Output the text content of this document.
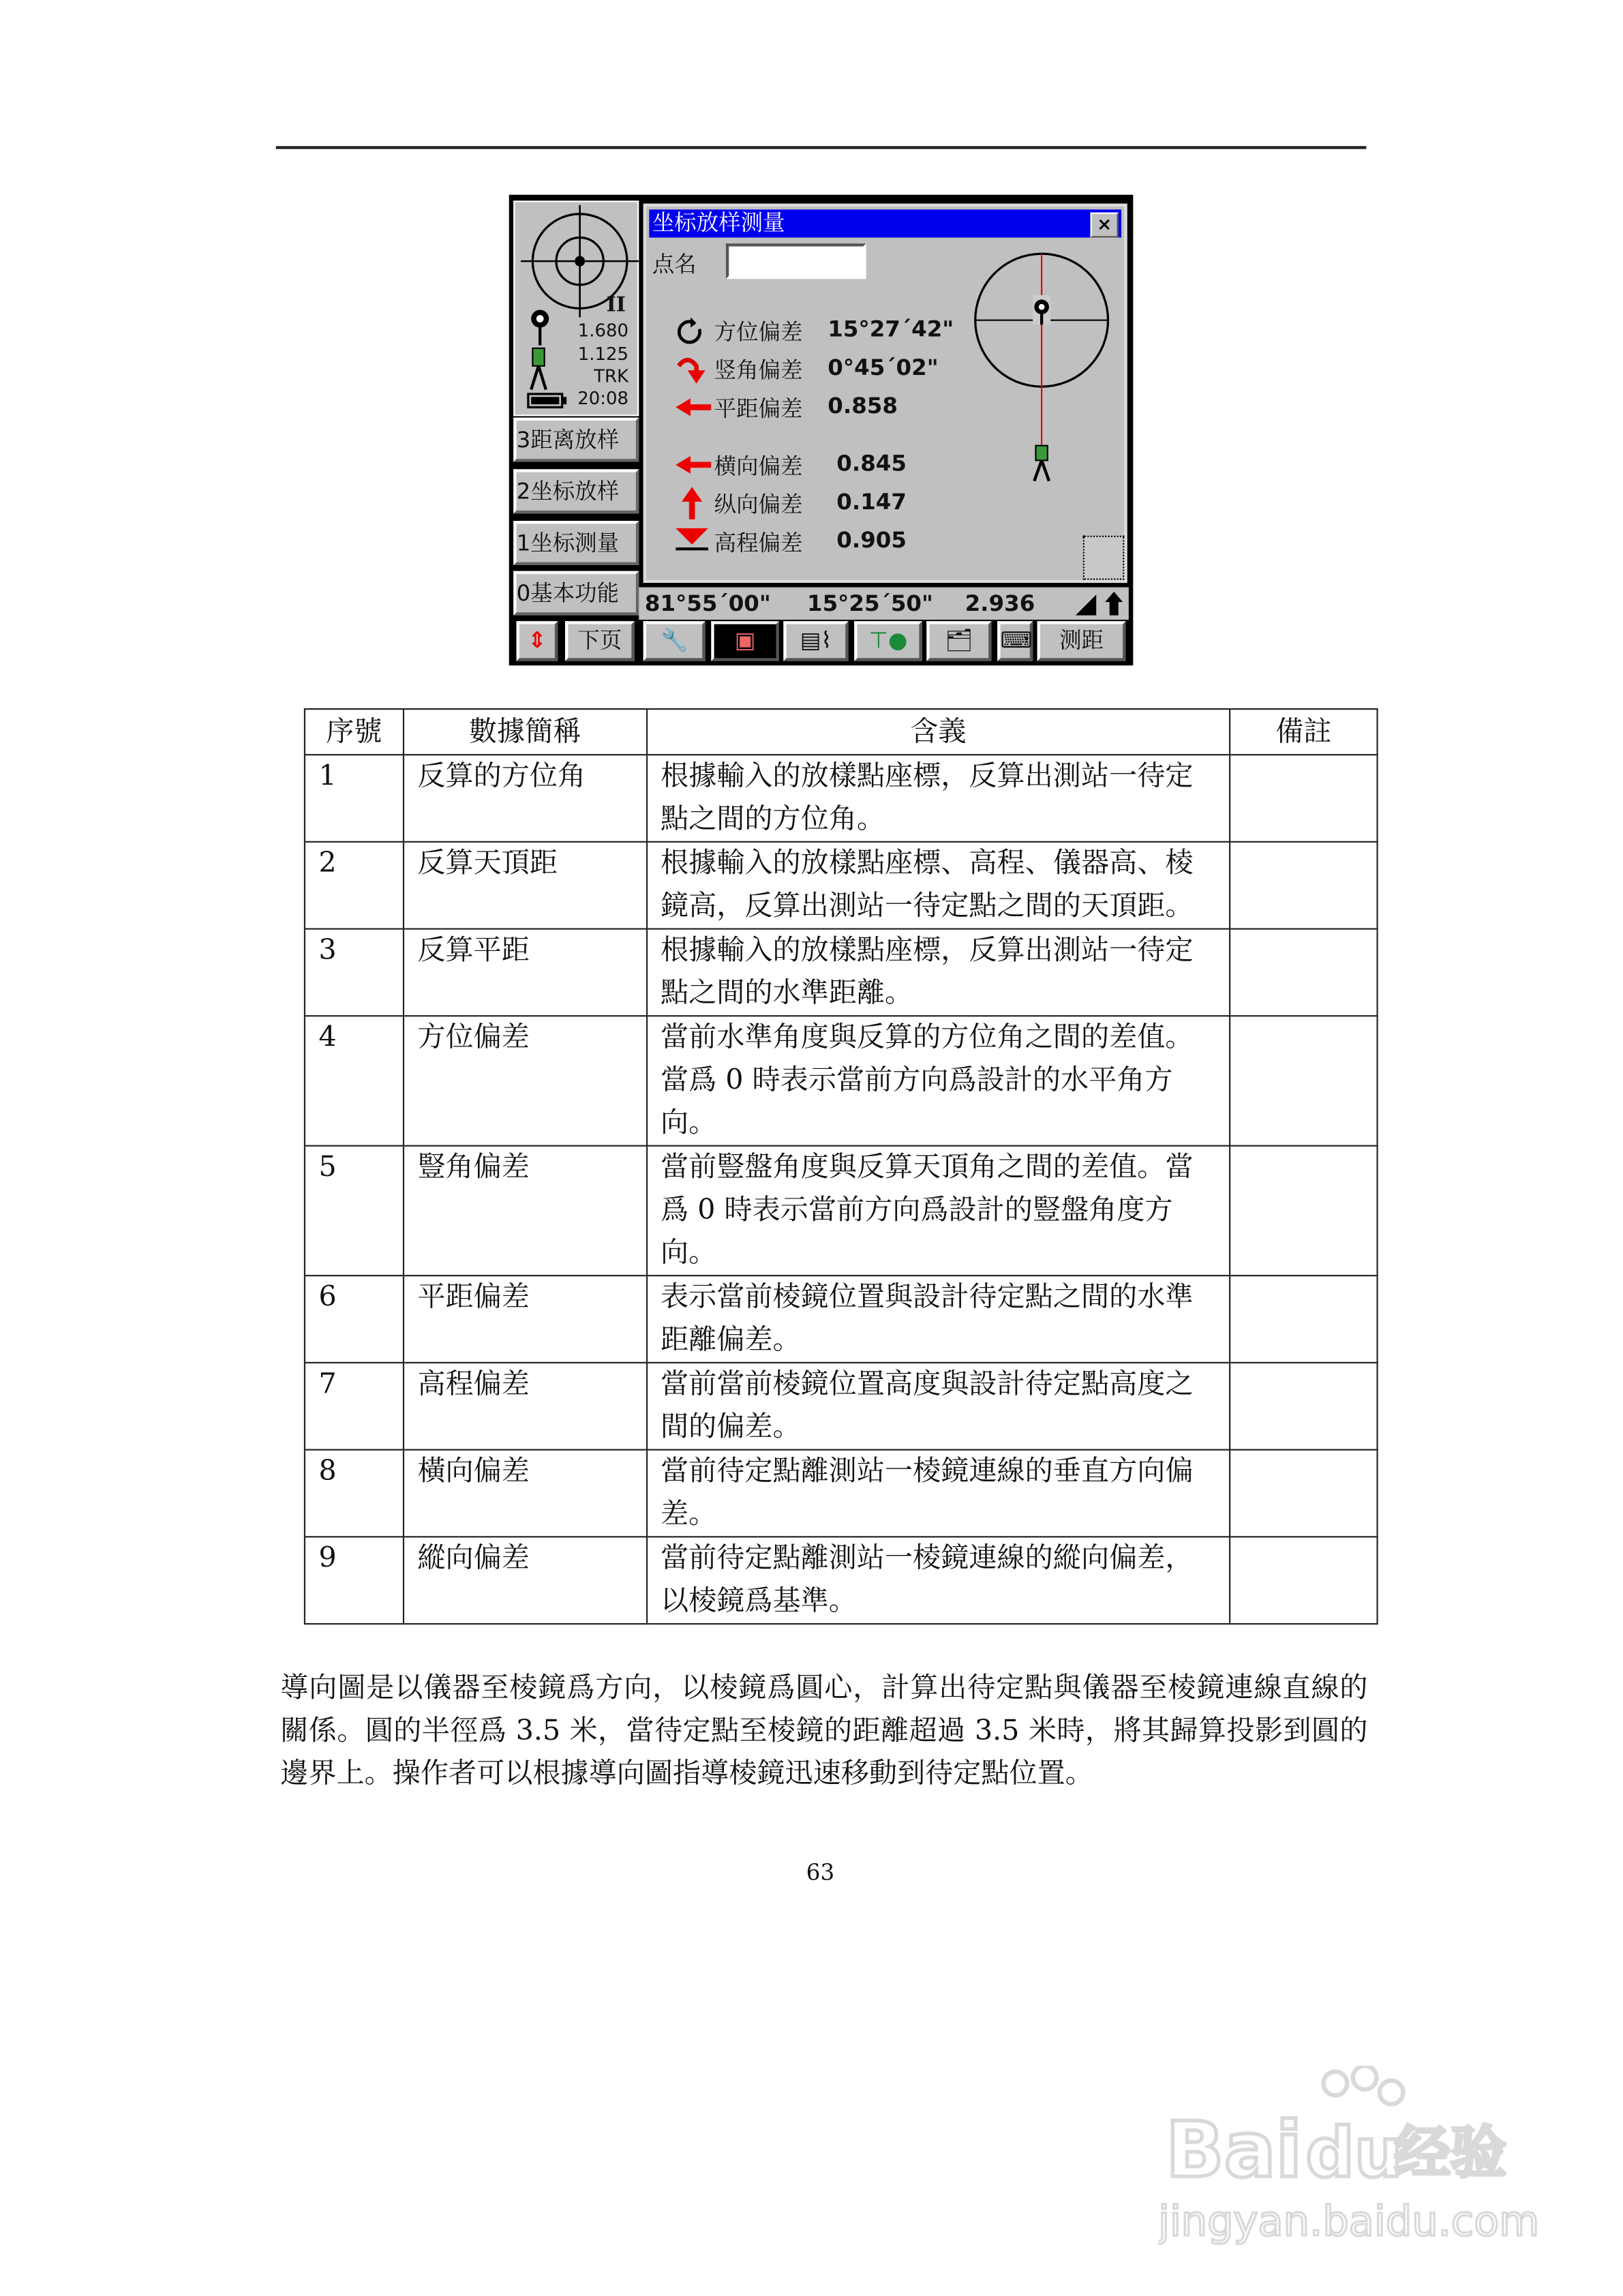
II
1.680
1.125
TRK
20:08
3距离放样
2坐标放样
1坐标测量
0基本功能
坐标放样测量	×
点名
方位偏差 15°27´42"
竖角偏差 0°45´02"
平距偏差 0.858
横向偏差	0.845
纵向偏差	0.147
高程偏差	0.905
81°55´00"	15°25´50"	2.936
⇕	下页	🔧	▣	▤⌇	⊤●	🗂	⌨	测距
序號	數據簡稱	含義	備註
1	反算的方位角	根據輸入的放樣點座標，反算出測站一待定點之間的方位角。	
2	反算天頂距	根據輸入的放樣點座標、高程、儀器高、棱鏡高，反算出測站一待定點之間的天頂距。	
3	反算平距	根據輸入的放樣點座標，反算出測站一待定點之間的水準距離。	
4	方位偏差	當前水準角度與反算的方位角之間的差值。當爲 0 時表示當前方向爲設計的水平角方向。	
5	豎角偏差	當前豎盤角度與反算天頂角之間的差值。當爲 0 時表示當前方向爲設計的豎盤角度方向。	
6	平距偏差	表示當前棱鏡位置與設計待定點之間的水準距離偏差。	
7	高程偏差	當前當前棱鏡位置高度與設計待定點高度之間的偏差。	
8	橫向偏差	當前待定點離測站一棱鏡連線的垂直方向偏差。	
9	縱向偏差	當前待定點離測站一棱鏡連線的縱向偏差，以棱鏡爲基準。	
導向圖是以儀器至棱鏡爲方向，以棱鏡爲圓心，計算出待定點與儀器至棱鏡連線直線的關係。圓的半徑爲 3.5 米，當待定點至棱鏡的距離超過 3.5 米時，將其歸算投影到圓的邊界上。操作者可以根據導向圖指導棱鏡迅速移動到待定點位置。
63
Bai du
经验
jingyan.baidu.com
